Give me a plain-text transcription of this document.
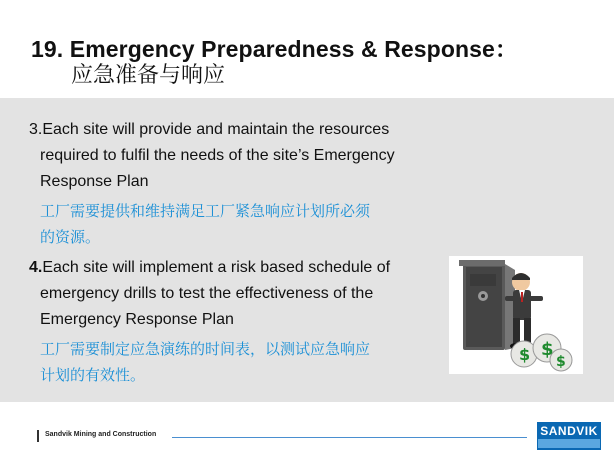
19. Emergency Preparedness & Response：
应急准备与响应
3.Each site will provide and maintain the resources
required to fulfil the needs of the site’s Emergency
Response Plan
工厂需要提供和维持满足工厂紧急响应计划所必须
的资源。
4.Each site will implement a risk based schedule of
emergency drills to test the effectiveness of the
Emergency Response Plan
工厂需要制定应急演练的时间表，以测试应急响应
计划的有效性。
$ $
$
Sandvik Mining and Construction	SANDVIK
